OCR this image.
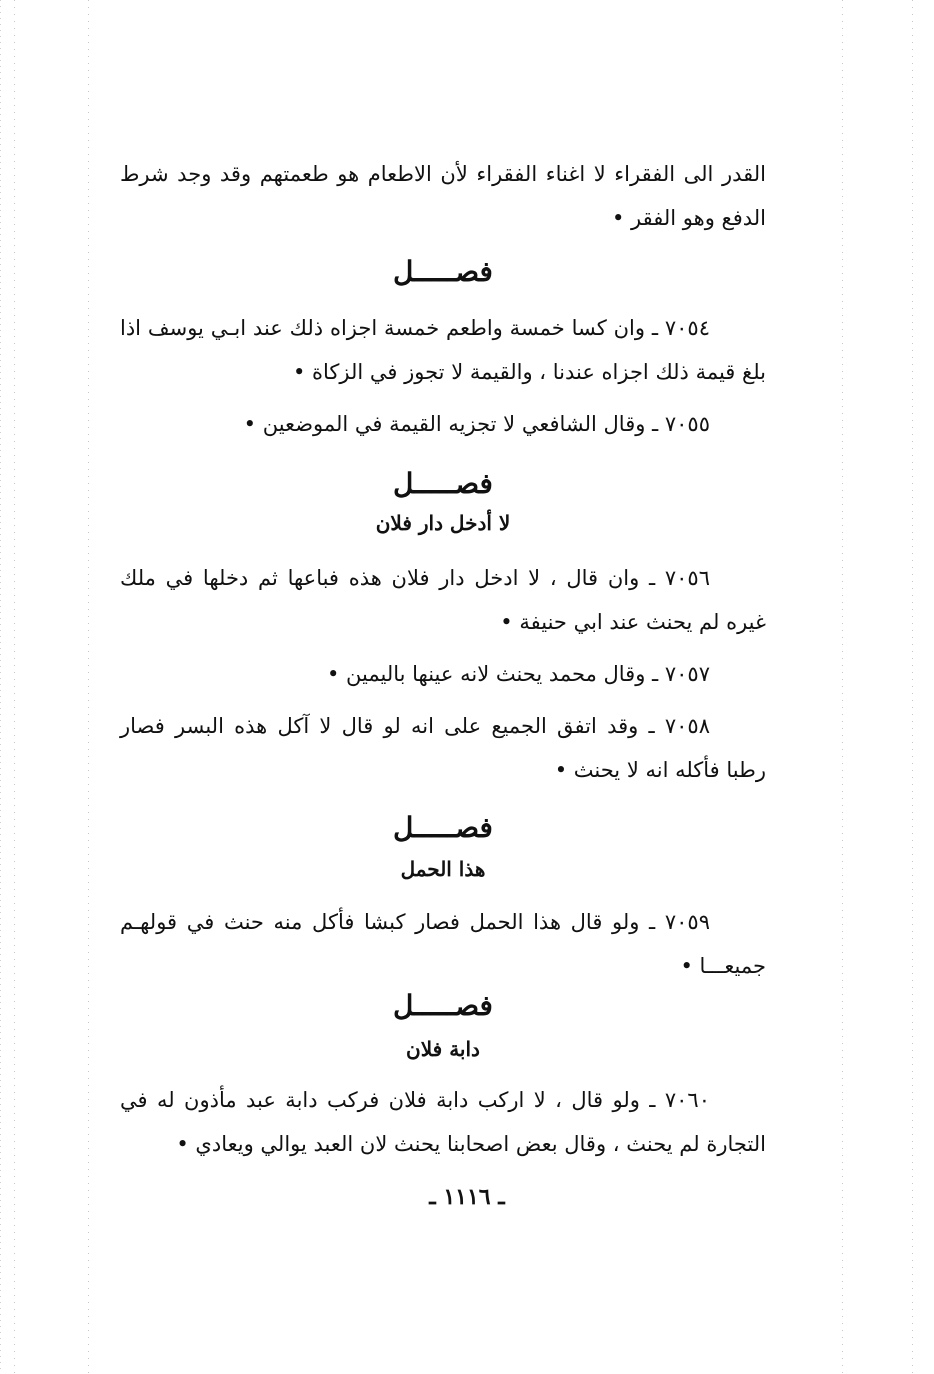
القدر الى الفقراء لا اغناء الفقراء لأن الاطعام هو طعمتهم وقد وجد شرط الدفع وهو الفقر •

فصـــــل

٧٠٥٤ ـ وان كسا خمسة واطعم خمسة اجزاه ذلك عند ابـي يوسف اذا بلغ قيمة ذلك اجزاه عندنا ، والقيمة لا تجوز في الزكاة •

٧٠٥٥ ـ وقال الشافعي لا تجزيه القيمة في الموضعين •

فصـــــل
لا أدخل دار فلان

٧٠٥٦ ـ وان قال ، لا ادخل دار فلان هذه فباعها ثم دخلها في ملك غيره لم يحنث عند ابي حنيفة •

٧٠٥٧ ـ وقال محمد يحنث لانه عينها باليمين •

٧٠٥٨ ـ وقد اتفق الجميع على انه لو قال لا آكل هذه البسر فصار رطبا فأكله انه لا يحنث •

فصـــــل
هذا الحمل

٧٠٥٩ ـ ولو قال هذا الحمل فصار كبشا فأكل منه حنث في قولهـم جميعـــا •

فصـــــل
دابة فلان

٧٠٦٠ ـ ولو قال ، لا اركب دابة فلان فركب دابة عبد مأذون له في التجارة لم يحنث ، وقال بعض اصحابنا يحنث لان العبد يوالي ويعادي •

ـ ١١١٦ ـ
